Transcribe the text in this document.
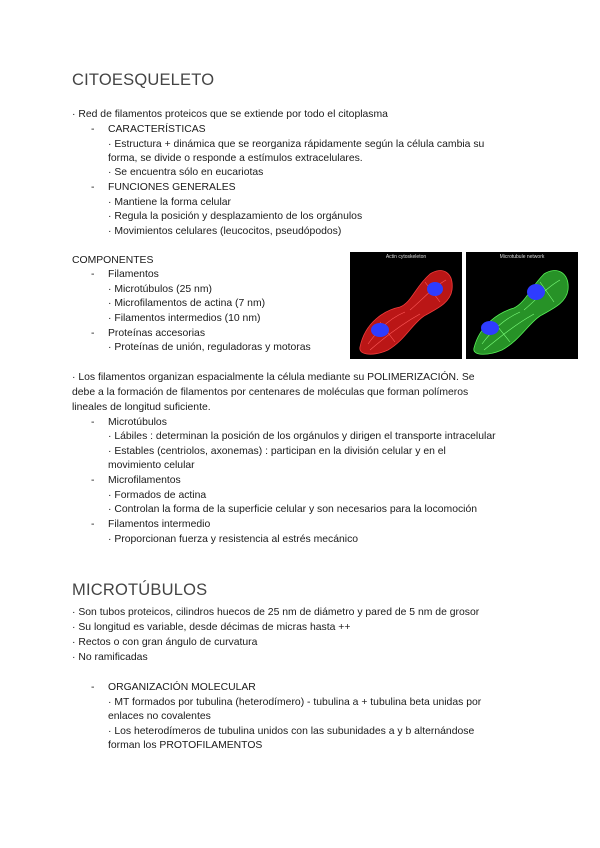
CITOESQUELETO
· Red de filamentos proteicos que se extiende por todo el citoplasma
- CARACTERÍSTICAS
· Estructura + dinámica que se reorganiza rápidamente según la célula cambia su
forma, se divide o responde a estímulos extracelulares.
· Se encuentra sólo en eucariotas
- FUNCIONES GENERALES
· Mantiene la forma celular
· Regula la posición y desplazamiento de los orgánulos
· Movimientos celulares (leucocitos, pseudópodos)
COMPONENTES
- Filamentos
· Microtúbulos (25 nm)
· Microfilamentos de actina (7 nm)
· Filamentos intermedios (10 nm)
- Proteínas accesorias
· Proteínas de unión, reguladoras y motoras
Actin cytoskeleton	Microtubule network
· Los filamentos organizan espacialmente la célula mediante su POLIMERIZACIÓN. Se
debe a la formación de filamentos por centenares de moléculas que forman polímeros
lineales de longitud suficiente.
- Microtúbulos
· Lábiles : determinan la posición de los orgánulos y dirigen el transporte intracelular
· Estables (centriolos, axonemas) : participan en la división celular y en el
movimiento celular
- Microfilamentos
· Formados de actina
· Controlan la forma de la superficie celular y son necesarios para la locomoción
- Filamentos intermedio
· Proporcionan fuerza y resistencia al estrés mecánico
MICROTÚBULOS
· Son tubos proteicos, cilindros huecos de 25 nm de diámetro y pared de 5 nm de grosor
· Su longitud es variable, desde décimas de micras hasta ++
· Rectos o con gran ángulo de curvatura
· No ramificadas
- ORGANIZACIÓN MOLECULAR
· MT formados por tubulina (heterodímero) - tubulina a + tubulina beta unidas por
enlaces no covalentes
· Los heterodímeros de tubulina unidos con las subunidades a y b alternándose
forman los PROTOFILAMENTOS
